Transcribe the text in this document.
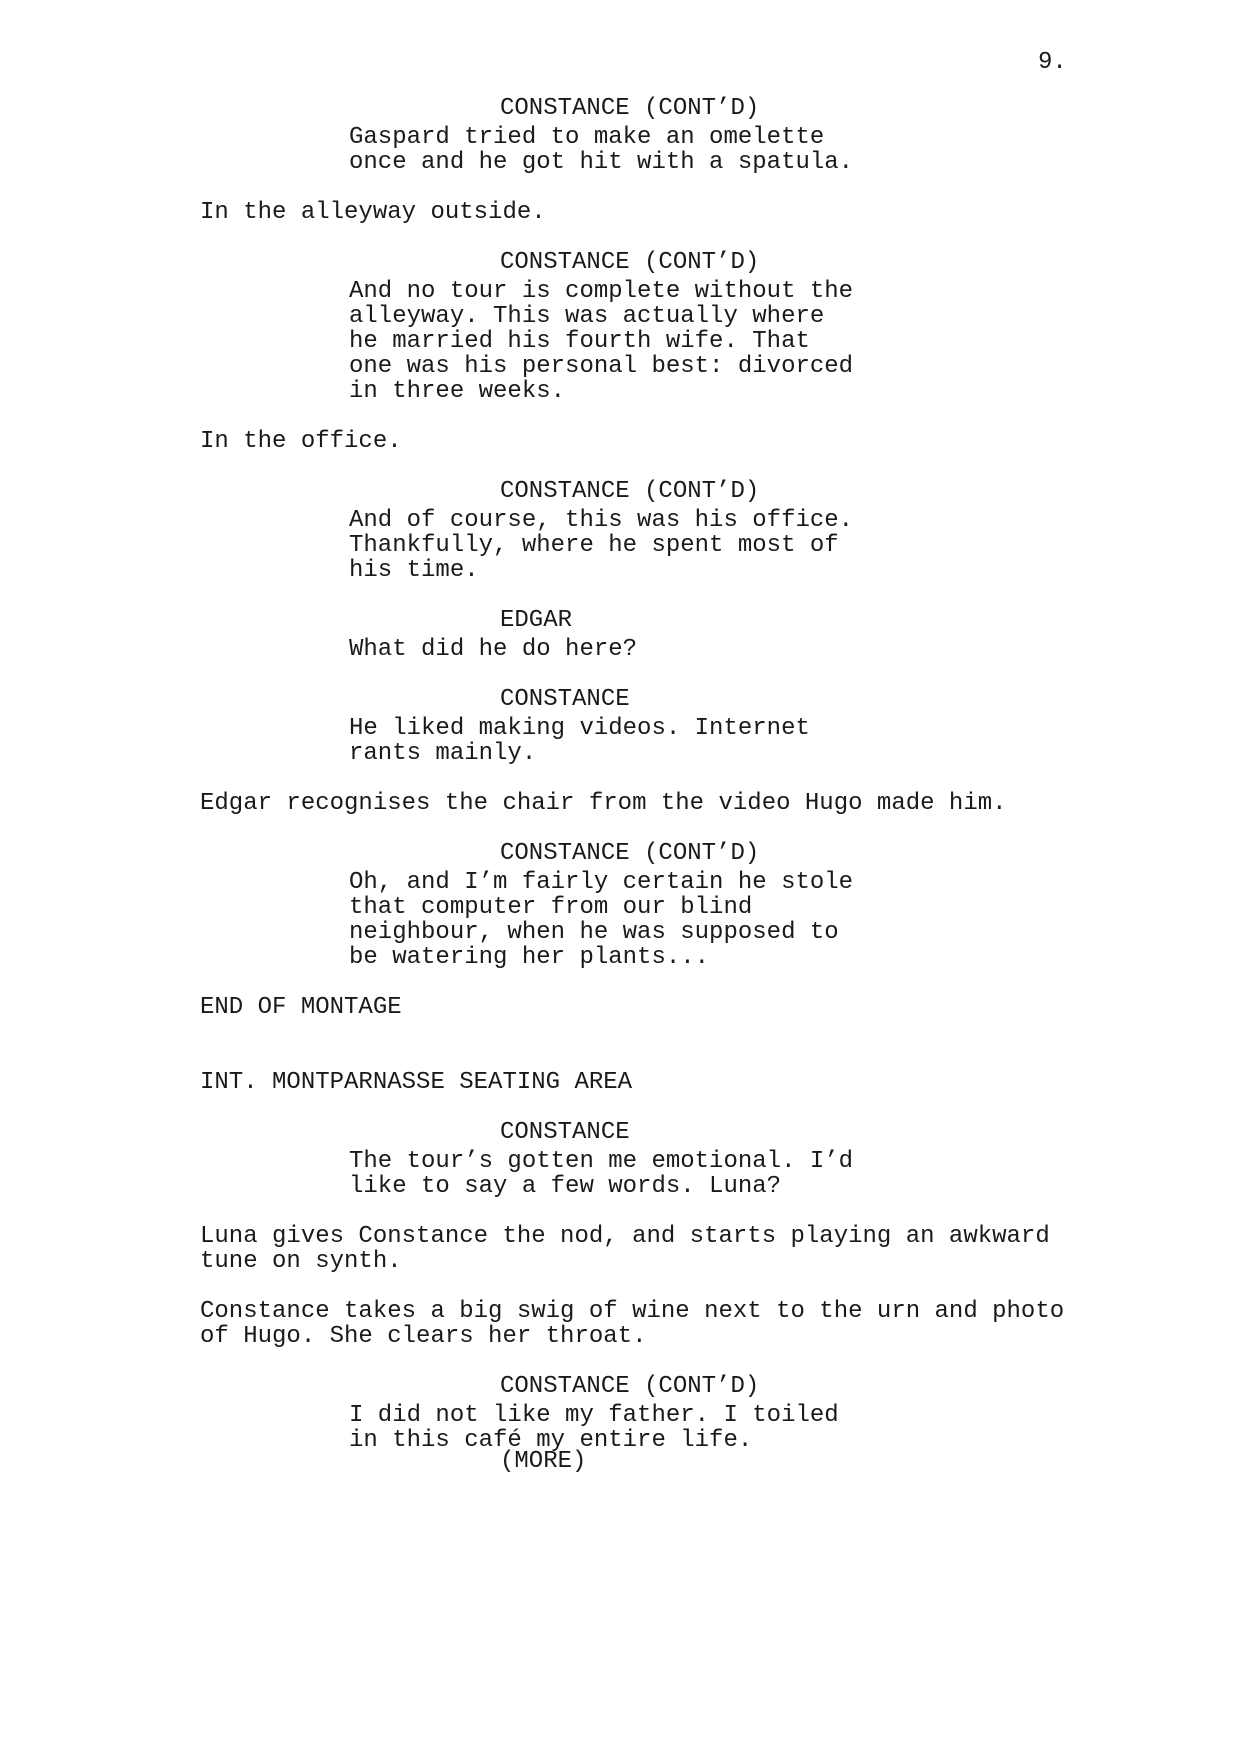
9.
CONSTANCE (CONT’D)
Gaspard tried to make an omelette
once and he got hit with a spatula.
In the alleyway outside.
CONSTANCE (CONT’D)
And no tour is complete without the
alleyway. This was actually where
he married his fourth wife. That
one was his personal best: divorced
in three weeks.
In the office.
CONSTANCE (CONT’D)
And of course, this was his office.
Thankfully, where he spent most of
his time.
EDGAR
What did he do here?
CONSTANCE
He liked making videos. Internet
rants mainly.
Edgar recognises the chair from the video Hugo made him.
CONSTANCE (CONT’D)
Oh, and I’m fairly certain he stole
that computer from our blind
neighbour, when he was supposed to
be watering her plants...
END OF MONTAGE
INT. MONTPARNASSE SEATING AREA
CONSTANCE
The tour’s gotten me emotional. I’d
like to say a few words. Luna?
Luna gives Constance the nod, and starts playing an awkward
tune on synth.
Constance takes a big swig of wine next to the urn and photo
of Hugo. She clears her throat.
CONSTANCE (CONT’D)
I did not like my father. I toiled
in this café my entire life.
(MORE)
